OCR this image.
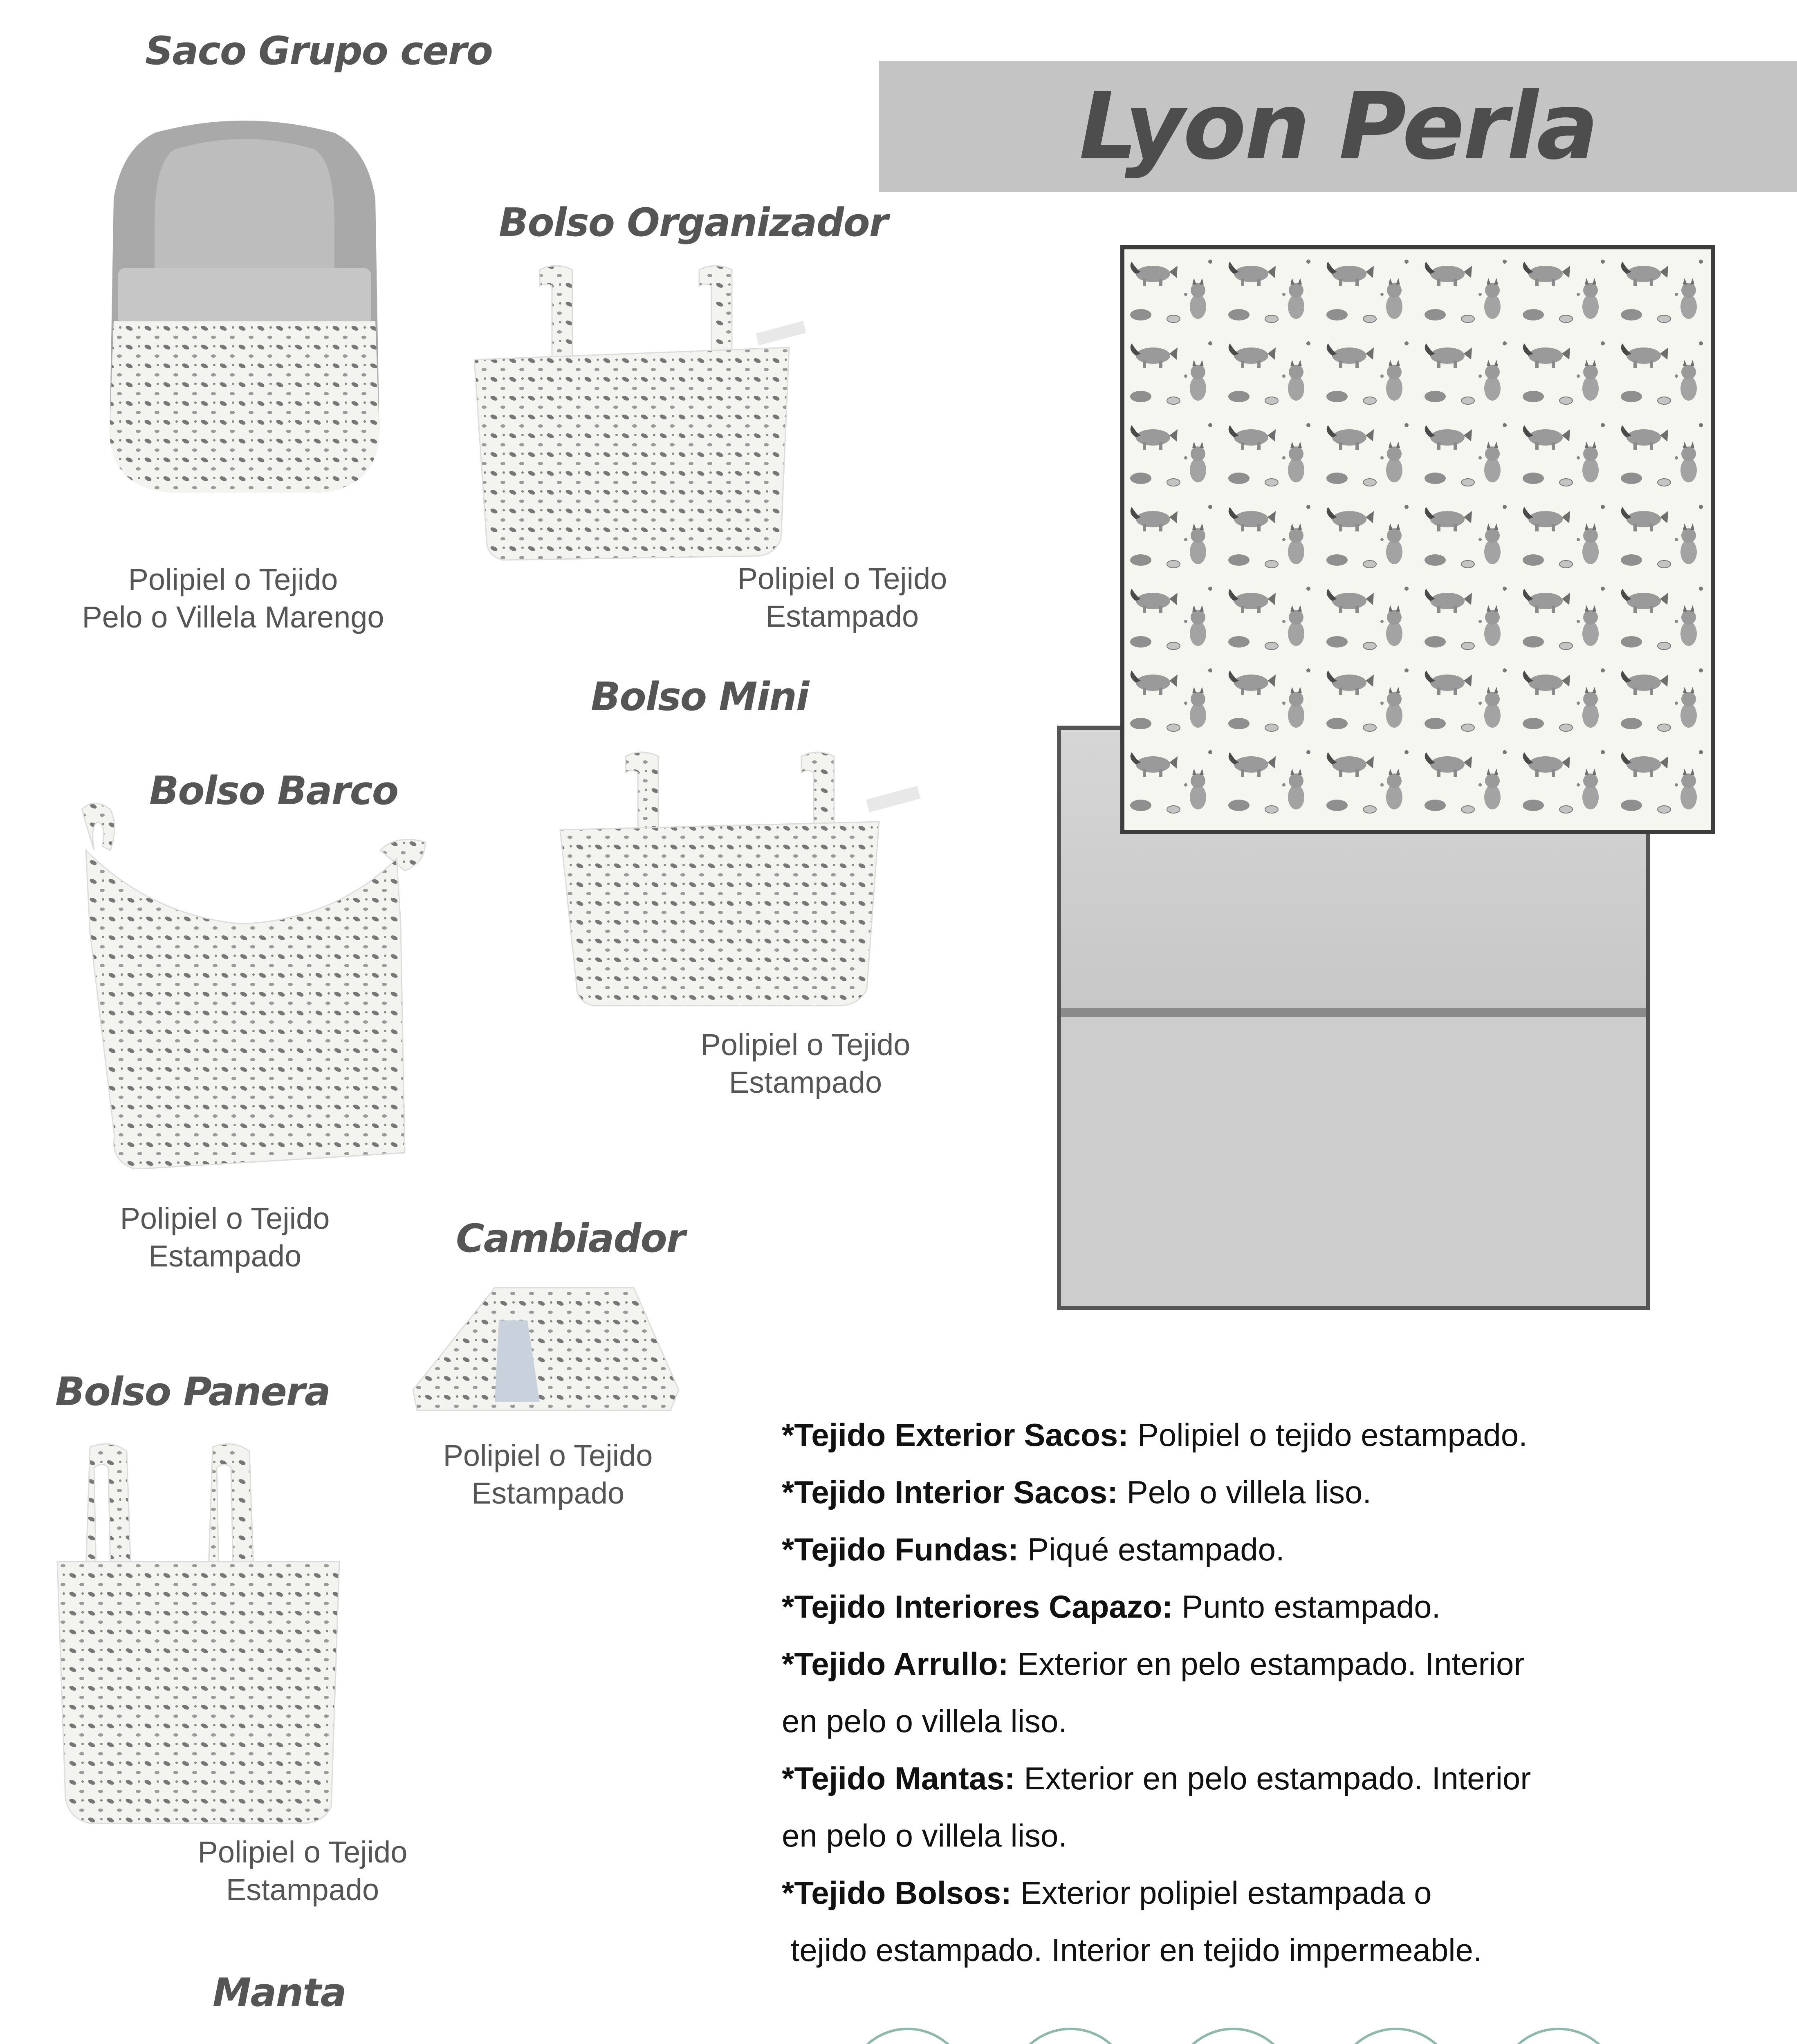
Lyon Perla
Saco Grupo cero
Polipiel o Tejido
Pelo o Villela Marengo
Bolso Organizador
Polipiel o Tejido
Estampado
Bolso Mini
Polipiel o Tejido
Estampado
Bolso Barco
Polipiel o Tejido
Estampado	Cambiador
Polipiel o Tejido
Estampado
Bolso Panera
Polipiel o Tejido
Estampado
Manta
*Tejido Exterior Sacos: Polipiel o tejido estampado.
*Tejido Interior Sacos: Pelo o villela liso.
*Tejido Fundas: Piqué estampado.
*Tejido Interiores Capazo: Punto estampado.
*Tejido Arrullo: Exterior en pelo estampado. Interior
en pelo o villela liso.
*Tejido Mantas: Exterior en pelo estampado. Interior
en pelo o villela liso.
*Tejido Bolsos: Exterior polipiel estampada o
tejido estampado. Interior en tejido impermeable.
